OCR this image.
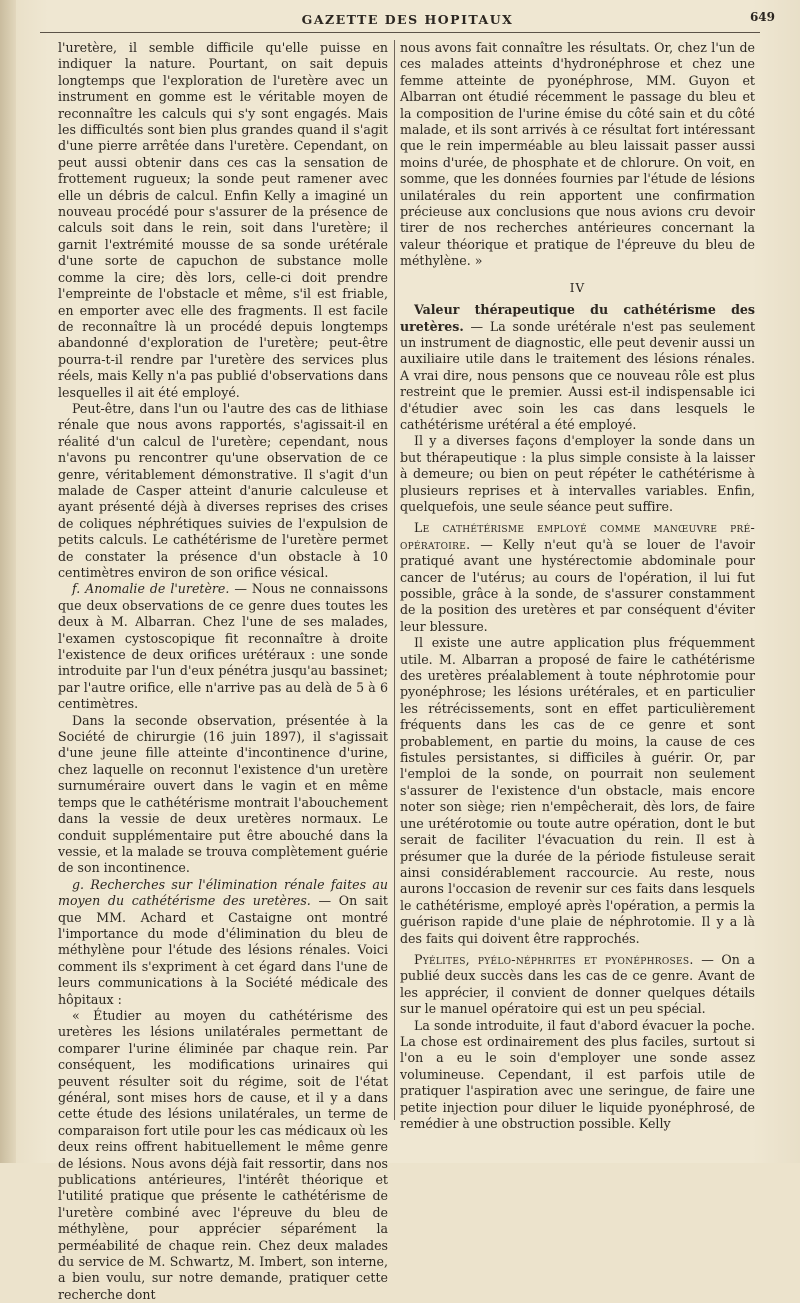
GAZETTE DES HOPITAUX	649

l'uretère, il semble difficile qu'elle puisse en indiquer la nature. Pourtant, on sait depuis longtemps que l'exploration de l'uretère avec un instrument en gomme est le véritable moyen de reconnaître les calculs qui s'y sont engagés. Mais les difficultés sont bien plus grandes quand il s'agit d'une pierre arrêtée dans l'uretère. Cependant, on peut aussi obtenir dans ces cas la sensation de frottement rugueux; la sonde peut ramener avec elle un débris de calcul. Enfin Kelly a imaginé un nouveau procédé pour s'assurer de la présence de calculs soit dans le rein, soit dans l'uretère; il garnit l'extrémité mousse de sa sonde urétérale d'une sorte de capuchon de substance molle comme la cire; dès lors, celle-ci doit prendre l'empreinte de l'obstacle et même, s'il est friable, en emporter avec elle des fragments. Il est facile de reconnaître là un procédé depuis longtemps abandonné d'exploration de l'uretère; peut-être pourra-t-il rendre par l'uretère des services plus réels, mais Kelly n'a pas publié d'observations dans lesquelles il ait été employé.

Peut-être, dans l'un ou l'autre des cas de lithiase rénale que nous avons rapportés, s'agissait-il en réalité d'un calcul de l'uretère; cependant, nous n'avons pu rencontrer qu'une observation de ce genre, véritablement démonstrative. Il s'agit d'un malade de Casper atteint d'anurie calculeuse et ayant présenté déjà à diverses reprises des crises de coliques néphrétiques suivies de l'expulsion de petits calculs. Le cathétérisme de l'uretère permet de constater la présence d'un obstacle à 10 centimètres environ de son orifice vésical.

f. Anomalie de l'uretère. — Nous ne connaissons que deux observations de ce genre dues toutes les deux à M. Albarran. Chez l'une de ses malades, l'examen cystoscopique fit reconnaître à droite l'existence de deux orifices urétéraux : une sonde introduite par l'un d'eux pénétra jusqu'au bassinet; par l'autre orifice, elle n'arrive pas au delà de 5 à 6 centimètres.

Dans la seconde observation, présentée à la Société de chirurgie (16 juin 1897), il s'agissait d'une jeune fille atteinte d'incontinence d'urine, chez laquelle on reconnut l'existence d'un uretère surnuméraire ouvert dans le vagin et en même temps que le cathétérisme montrait l'abouchement dans la vessie de deux uretères normaux. Le conduit supplémentaire put être abouché dans la vessie, et la malade se trouva complètement guérie de son incontinence.

g. Recherches sur l'élimination rénale faites au moyen du cathétérisme des uretères. — On sait que MM. Achard et Castaigne ont montré l'importance du mode d'élimination du bleu de méthylène pour l'étude des lésions rénales. Voici comment ils s'expriment à cet égard dans l'une de leurs communications à la Société médicale des hôpitaux :

« Étudier au moyen du cathétérisme des uretères les lésions unilatérales permettant de comparer l'urine éliminée par chaque rein. Par conséquent, les modifications urinaires qui peuvent résulter soit du régime, soit de l'état général, sont mises hors de cause, et il y a dans cette étude des lésions unilatérales, un terme de comparaison fort utile pour les cas médicaux où les deux reins offrent habituellement le même genre de lésions. Nous avons déjà fait ressortir, dans nos publications antérieures, l'intérêt théorique et l'utilité pratique que présente le cathétérisme de l'uretère combiné avec l'épreuve du bleu de méthylène, pour apprécier séparément la perméabilité de chaque rein. Chez deux malades du service de M. Schwartz, M. Imbert, son interne, a bien voulu, sur notre demande, pratiquer cette recherche dont

nous avons fait connaître les résultats. Or, chez l'un de ces malades atteints d'hydronéphrose et chez une femme atteinte de pyonéphrose, MM. Guyon et Albarran ont étudié récemment le passage du bleu et la composition de l'urine émise du côté sain et du côté malade, et ils sont arrivés à ce résultat fort intéressant que le rein imperméable au bleu laissait passer aussi moins d'urée, de phosphate et de chlorure. On voit, en somme, que les données fournies par l'étude de lésions unilatérales du rein apportent une confirmation précieuse aux conclusions que nous avions cru devoir tirer de nos recherches antérieures concernant la valeur théorique et pratique de l'épreuve du bleu de méthylène. »

IV

Valeur thérapeutique du cathétérisme des uretères. — La sonde urétérale n'est pas seulement un instrument de diagnostic, elle peut devenir aussi un auxiliaire utile dans le traitement des lésions rénales. A vrai dire, nous pensons que ce nouveau rôle est plus restreint que le premier. Aussi est-il indispensable ici d'étudier avec soin les cas dans lesquels le cathétérisme urétéral a été employé.

Il y a diverses façons d'employer la sonde dans un but thérapeutique : la plus simple consiste à la laisser à demeure; ou bien on peut répéter le cathétérisme à plusieurs reprises et à intervalles variables. Enfin, quelquefois, une seule séance peut suffire.

Le cathétérisme employé comme manœuvre pré-opératoire. — Kelly n'eut qu'à se louer de l'avoir pratiqué avant une hystérectomie abdominale pour cancer de l'utérus; au cours de l'opération, il lui fut possible, grâce à la sonde, de s'assurer constamment de la position des uretères et par conséquent d'éviter leur blessure.

Il existe une autre application plus fréquemment utile. M. Albarran a proposé de faire le cathétérisme des uretères préalablement à toute néphrotomie pour pyonéphrose; les lésions urétérales, et en particulier les rétrécissements, sont en effet particulièrement fréquents dans les cas de ce genre et sont probablement, en partie du moins, la cause de ces fistules persistantes, si difficiles à guérir. Or, par l'emploi de la sonde, on pourrait non seulement s'assurer de l'existence d'un obstacle, mais encore noter son siège; rien n'empêcherait, dès lors, de faire une urétérotomie ou toute autre opération, dont le but serait de faciliter l'évacuation du rein. Il est à présumer que la durée de la période fistuleuse serait ainsi considérablement raccourcie. Au reste, nous aurons l'occasion de revenir sur ces faits dans lesquels le cathétérisme, employé après l'opération, a permis la guérison rapide d'une plaie de néphrotomie. Il y a là des faits qui doivent être rapprochés.

Pyélites, pyélo-néphrites et pyonéphroses. — On a publié deux succès dans les cas de ce genre. Avant de les apprécier, il convient de donner quelques détails sur le manuel opératoire qui est un peu spécial.

La sonde introduite, il faut d'abord évacuer la poche. La chose est ordinairement des plus faciles, surtout si l'on a eu le soin d'employer une sonde assez volumineuse. Cependant, il est parfois utile de pratiquer l'aspiration avec une seringue, de faire une petite injection pour diluer le liquide pyonéphrosé, de remédier à une obstruction possible. Kelly
